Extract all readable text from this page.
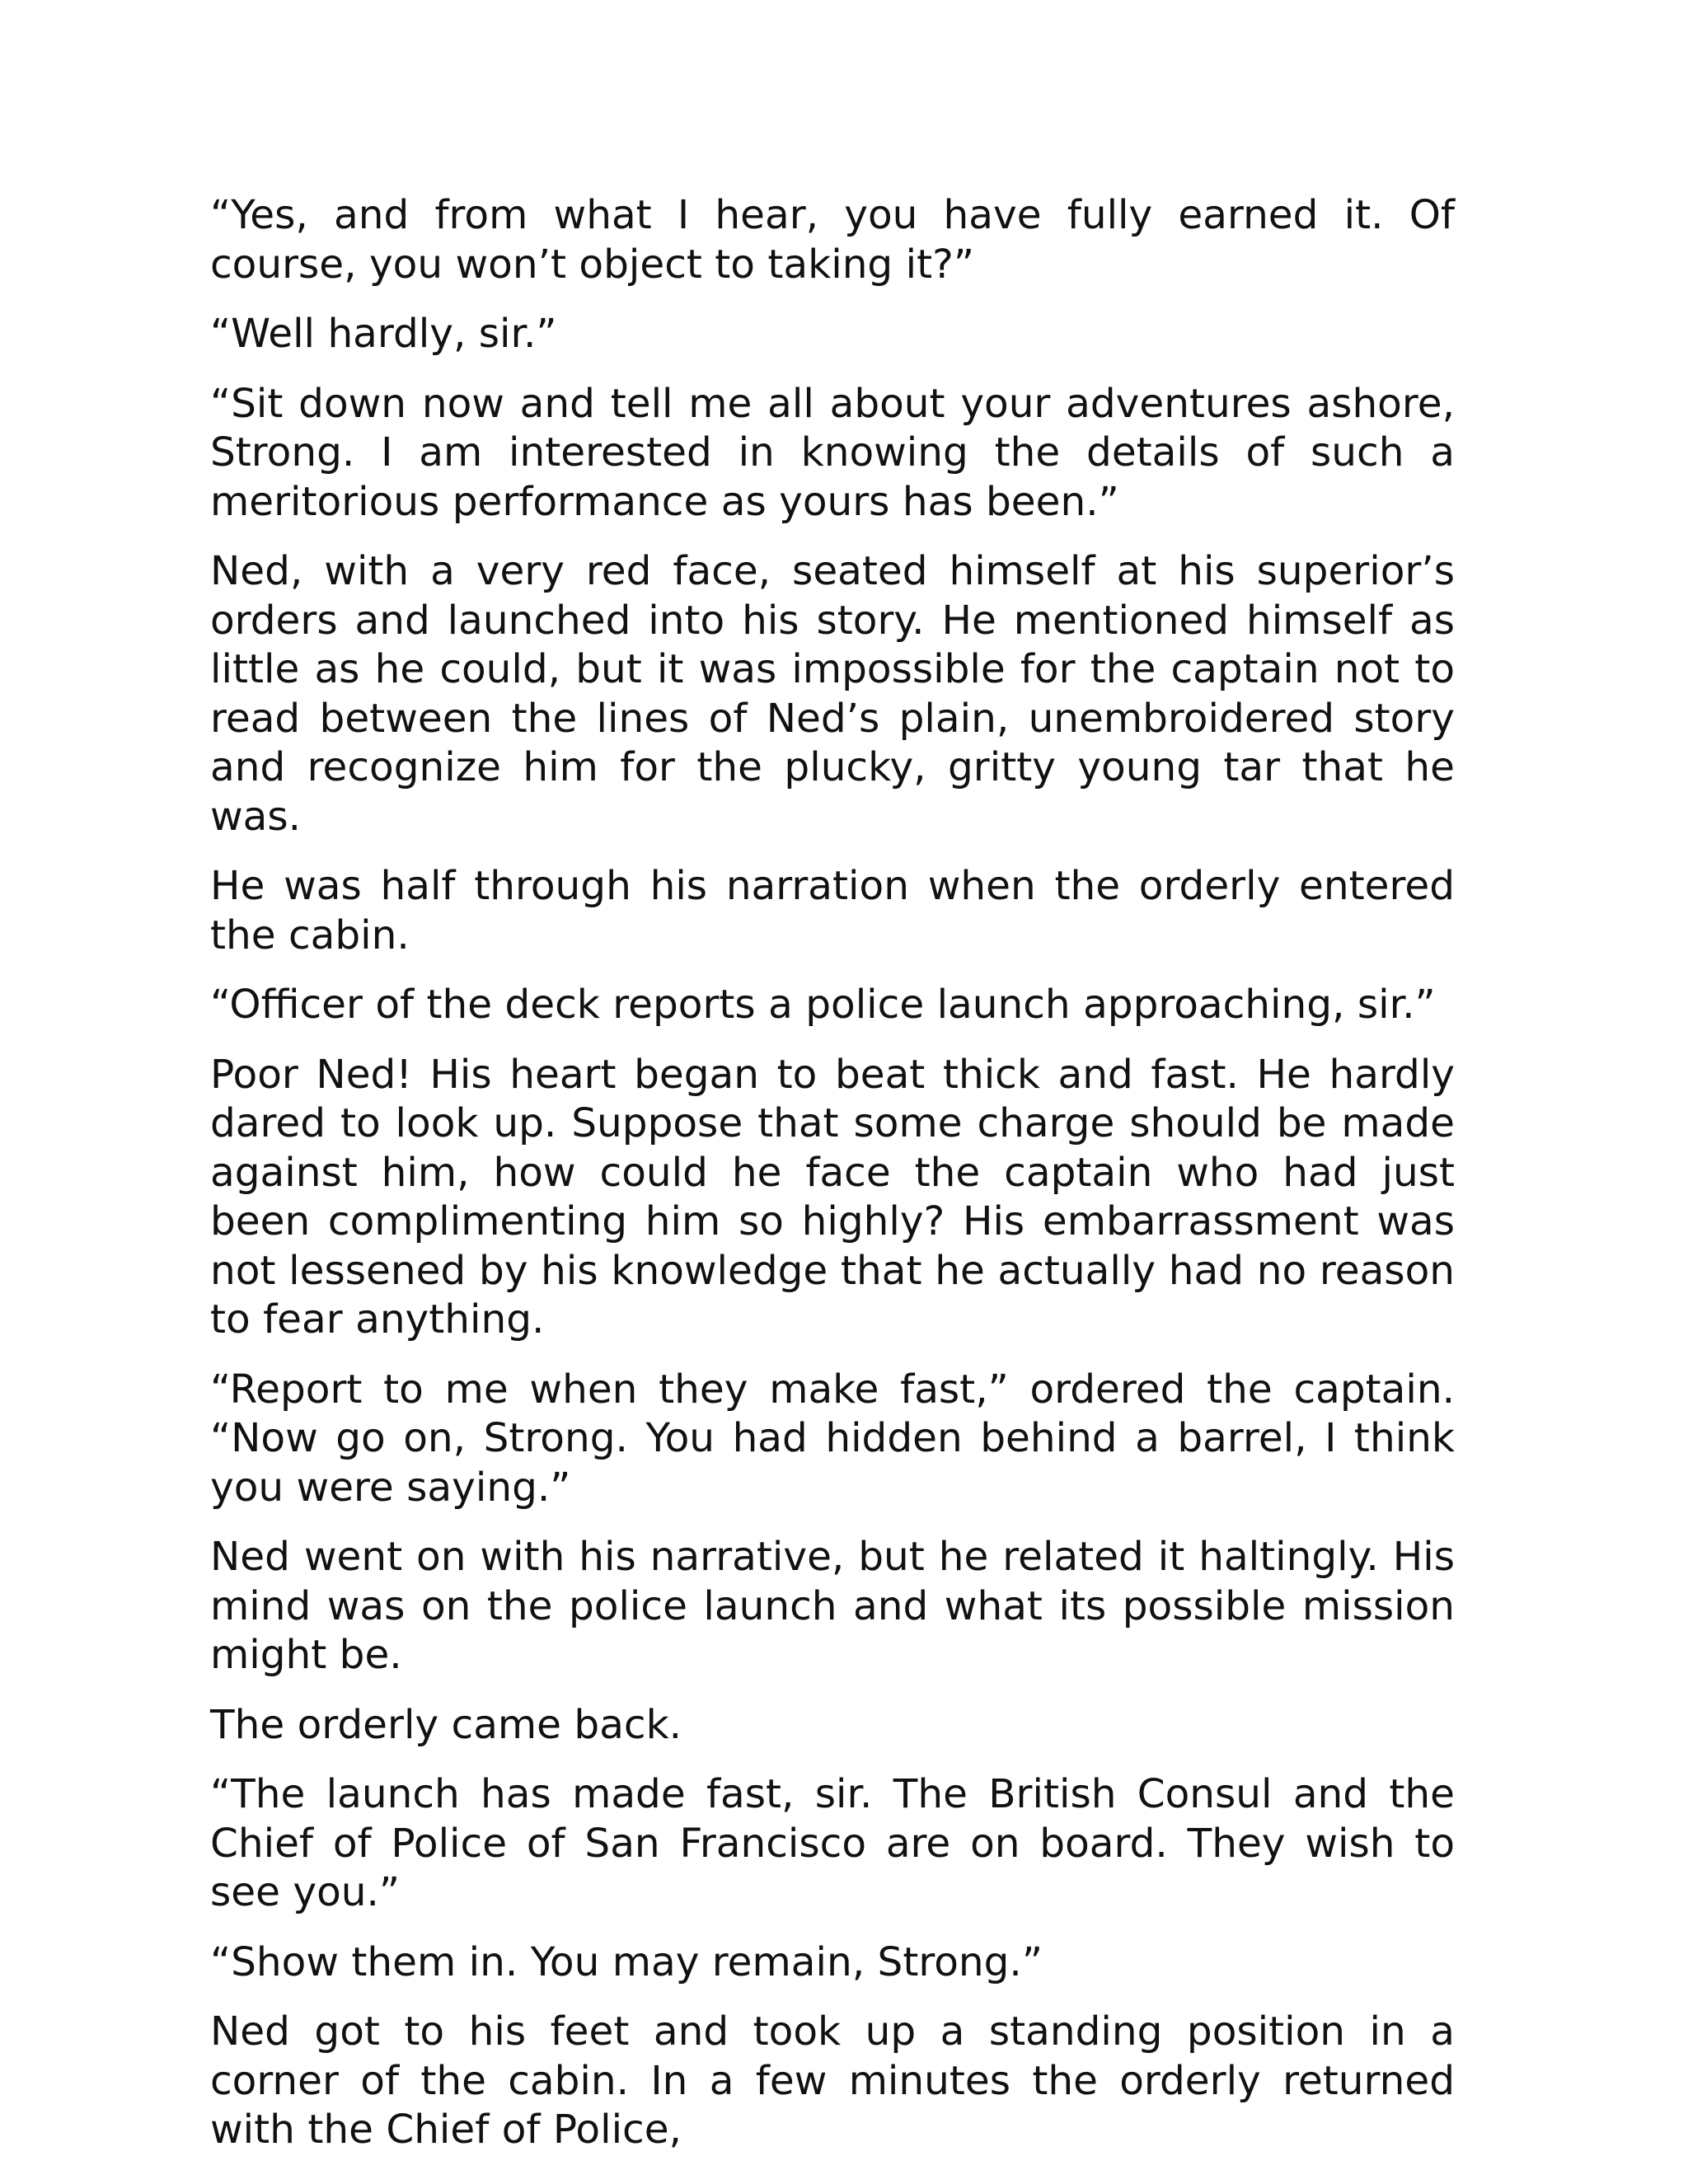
“Yes, and from what I hear, you have fully earned it. Of course, you won’t object to taking it?”

“Well hardly, sir.”

“Sit down now and tell me all about your adventures ashore, Strong. I am interested in knowing the details of such a meritorious performance as yours has been.”

Ned, with a very red face, seated himself at his superior’s orders and launched into his story. He mentioned himself as little as he could, but it was impossible for the captain not to read between the lines of Ned’s plain, unembroidered story and recognize him for the plucky, gritty young tar that he was.

He was half through his narration when the orderly entered the cabin.

“Officer of the deck reports a police launch approaching, sir.”

Poor Ned! His heart began to beat thick and fast. He hardly dared to look up. Suppose that some charge should be made against him, how could he face the captain who had just been complimenting him so highly? His embarrassment was not lessened by his knowledge that he actually had no reason to fear anything.

“Report to me when they make fast,” ordered the captain. “Now go on, Strong. You had hidden behind a barrel, I think you were saying.”

Ned went on with his narrative, but he related it haltingly. His mind was on the police launch and what its possible mission might be.

The orderly came back.

“The launch has made fast, sir. The British Consul and the Chief of Police of San Francisco are on board. They wish to see you.”

“Show them in. You may remain, Strong.”

Ned got to his feet and took up a standing position in a corner of the cabin. In a few minutes the orderly returned with the Chief of Police,
